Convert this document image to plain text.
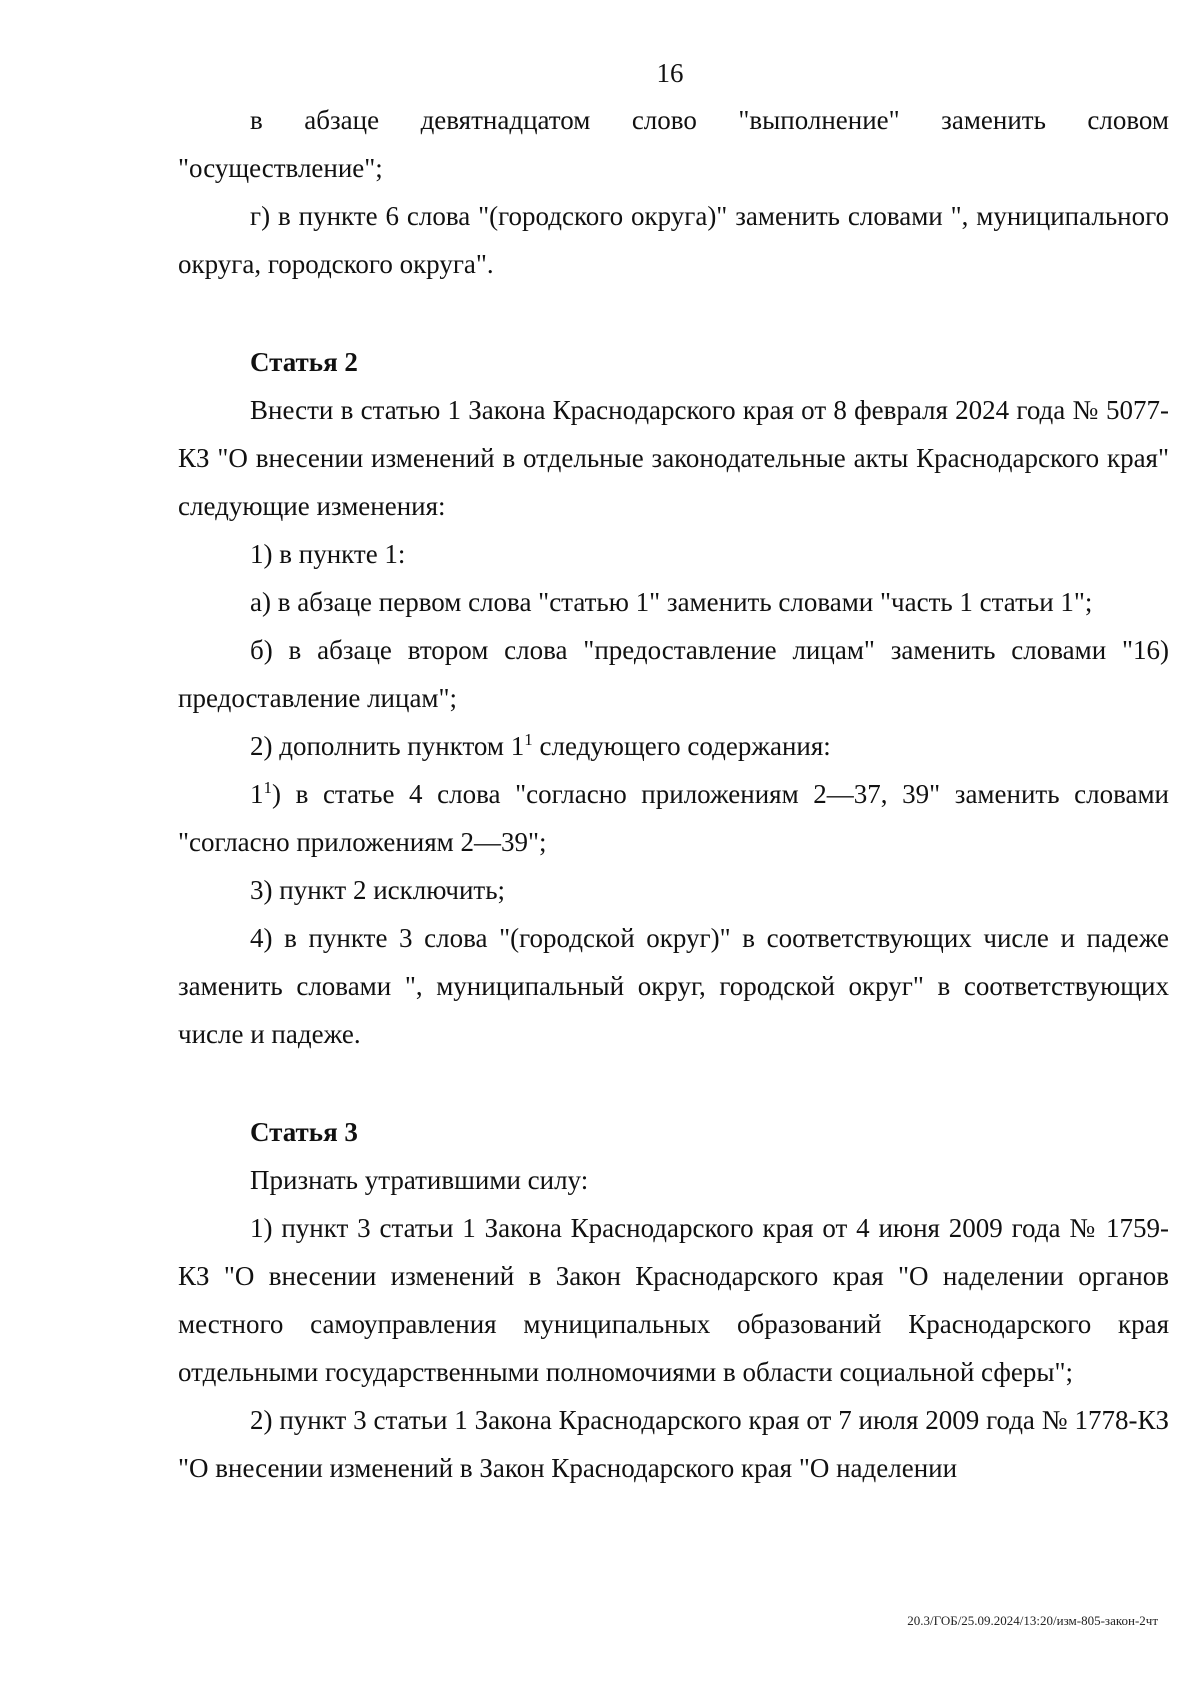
16

в абзаце девятнадцатом слово "выполнение" заменить словом "осуществление";

г) в пункте 6 слова "(городского округа)" заменить словами ", муниципального округа, городского округа".

Статья 2

Внести в статью 1 Закона Краснодарского края от 8 февраля 2024 года № 5077-КЗ "О внесении изменений в отдельные законодательные акты Краснодарского края" следующие изменения:

1) в пункте 1:

а) в абзаце первом слова "статью 1" заменить словами "часть 1 статьи 1";

б) в абзаце втором слова "предоставление лицам" заменить словами "16) предоставление лицам";

2) дополнить пунктом $1^1$ следующего содержания:

$1^1$) в статье 4 слова "согласно приложениям 2—37, 39" заменить словами "согласно приложениям 2—39";

3) пункт 2 исключить;

4) в пункте 3 слова "(городской округ)" в соответствующих числе и падеже заменить словами ", муниципальный округ, городской округ" в соответствующих числе и падеже.

Статья 3

Признать утратившими силу:

1) пункт 3 статьи 1 Закона Краснодарского края от 4 июня 2009 года № 1759-КЗ "О внесении изменений в Закон Краснодарского края "О наделении органов местного самоуправления муниципальных образований Краснодарского края отдельными государственными полномочиями в области социальной сферы";

2) пункт 3 статьи 1 Закона Краснодарского края от 7 июля 2009 года № 1778-КЗ "О внесении изменений в Закон Краснодарского края "О наделении

20.3/ГОБ/25.09.2024/13:20/изм-805-закон-2чт
